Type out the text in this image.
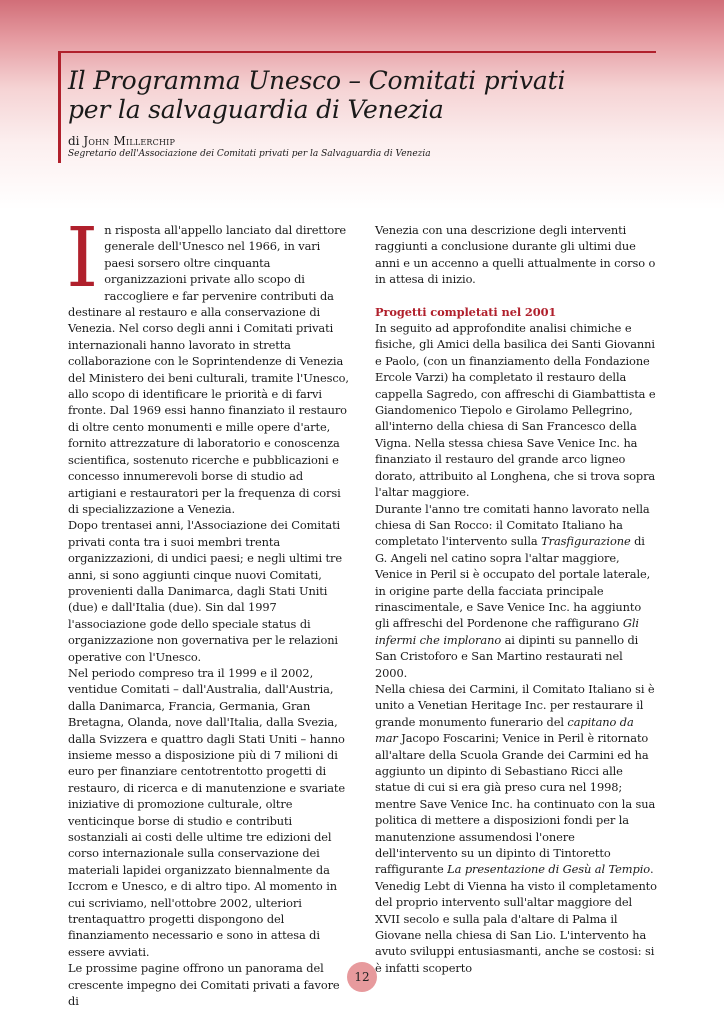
Il Programma Unesco – Comitati privati
per la salvaguardia di Venezia
di John Millerchip
Segretario dell'Associazione dei Comitati privati per la Salvaguardia di Venezia
I n risposta all'appello lanciato dal direttore generale dell'Unesco nel 1966, in vari paesi sorsero oltre cinquanta organizzazioni private allo scopo di raccogliere e far pervenire contributi da destinare al restauro e alla conservazione di Venezia. Nel corso degli anni i Comitati privati internazionali hanno lavorato in stretta collaborazione con le Soprintendenze di Venezia del Ministero dei beni culturali, tramite l'Unesco, allo scopo di identificare le priorità e di farvi fronte. Dal 1969 essi hanno finanziato il restauro di oltre cento monumenti e mille opere d'arte, fornito attrezzature di laboratorio e conoscenza scientifica, sostenuto ricerche e pubblicazioni e concesso innumerevoli borse di studio ad artigiani e restauratori per la frequenza di corsi di specializzazione a Venezia.

Dopo trentasei anni, l'Associazione dei Comitati privati conta tra i suoi membri trenta organizzazioni, di undici paesi; e negli ultimi tre anni, si sono aggiunti cinque nuovi Comitati, provenienti dalla Danimarca, dagli Stati Uniti (due) e dall'Italia (due). Sin dal 1997 l'associazione gode dello speciale status di organizzazione non governativa per le relazioni operative con l'Unesco.

Nel periodo compreso tra il 1999 e il 2002, ventidue Comitati – dall'Australia, dall'Austria, dalla Danimarca, Francia, Germania, Gran Bretagna, Olanda, nove dall'Italia, dalla Svezia, dalla Svizzera e quattro dagli Stati Uniti – hanno insieme messo a disposizione più di 7 milioni di euro per finanziare centotrentotto progetti di restauro, di ricerca e di manutenzione e svariate iniziative di promozione culturale, oltre venticinque borse di studio e contributi sostanziali ai costi delle ultime tre edizioni del corso internazionale sulla conservazione dei materiali lapidei organizzato biennalmente da Iccrom e Unesco, e di altro tipo. Al momento in cui scriviamo, nell'ottobre 2002, ulteriori trentaquattro progetti dispongono del finanziamento necessario e sono in attesa di essere avviati.

Le prossime pagine offrono un panorama del crescente impegno dei Comitati privati a favore di

Venezia con una descrizione degli interventi raggiunti a conclusione durante gli ultimi due anni e un accenno a quelli attualmente in corso o in attesa di inizio.

Progetti completati nel 2001

In seguito ad approfondite analisi chimiche e fisiche, gli Amici della basilica dei Santi Giovanni e Paolo, (con un finanziamento della Fondazione Ercole Varzi) ha completato il restauro della cappella Sagredo, con affreschi di Giambattista e Giandomenico Tiepolo e Girolamo Pellegrino, all'interno della chiesa di San Francesco della Vigna. Nella stessa chiesa Save Venice Inc. ha finanziato il restauro del grande arco ligneo dorato, attribuito al Longhena, che si trova sopra l'altar maggiore.

Durante l'anno tre comitati hanno lavorato nella chiesa di San Rocco: il Comitato Italiano ha completato l'intervento sulla Trasfigurazione di G. Angeli nel catino sopra l'altar maggiore, Venice in Peril si è occupato del portale laterale, in origine parte della facciata principale rinascimentale, e Save Venice Inc. ha aggiunto gli affreschi del Pordenone che raffigurano Gli infermi che implorano ai dipinti su pannello di San Cristoforo e San Martino restaurati nel 2000.

Nella chiesa dei Carmini, il Comitato Italiano si è unito a Venetian Heritage Inc. per restaurare il grande monumento funerario del capitano da mar Jacopo Foscarini; Venice in Peril è ritornato all'altare della Scuola Grande dei Carmini ed ha aggiunto un dipinto di Sebastiano Ricci alle statue di cui si era già preso cura nel 1998; mentre Save Venice Inc. ha continuato con la sua politica di mettere a disposizioni fondi per la manutenzione assumendosi l'onere dell'intervento su un dipinto di Tintoretto raffigurante La presentazione di Gesù al Tempio.

Venedig Lebt di Vienna ha visto il completamento del proprio intervento sull'altar maggiore del XVII secolo e sulla pala d'altare di Palma il Giovane nella chiesa di San Lio. L'intervento ha avuto sviluppi entusiasmanti, anche se costosi: si è infatti scoperto

12
